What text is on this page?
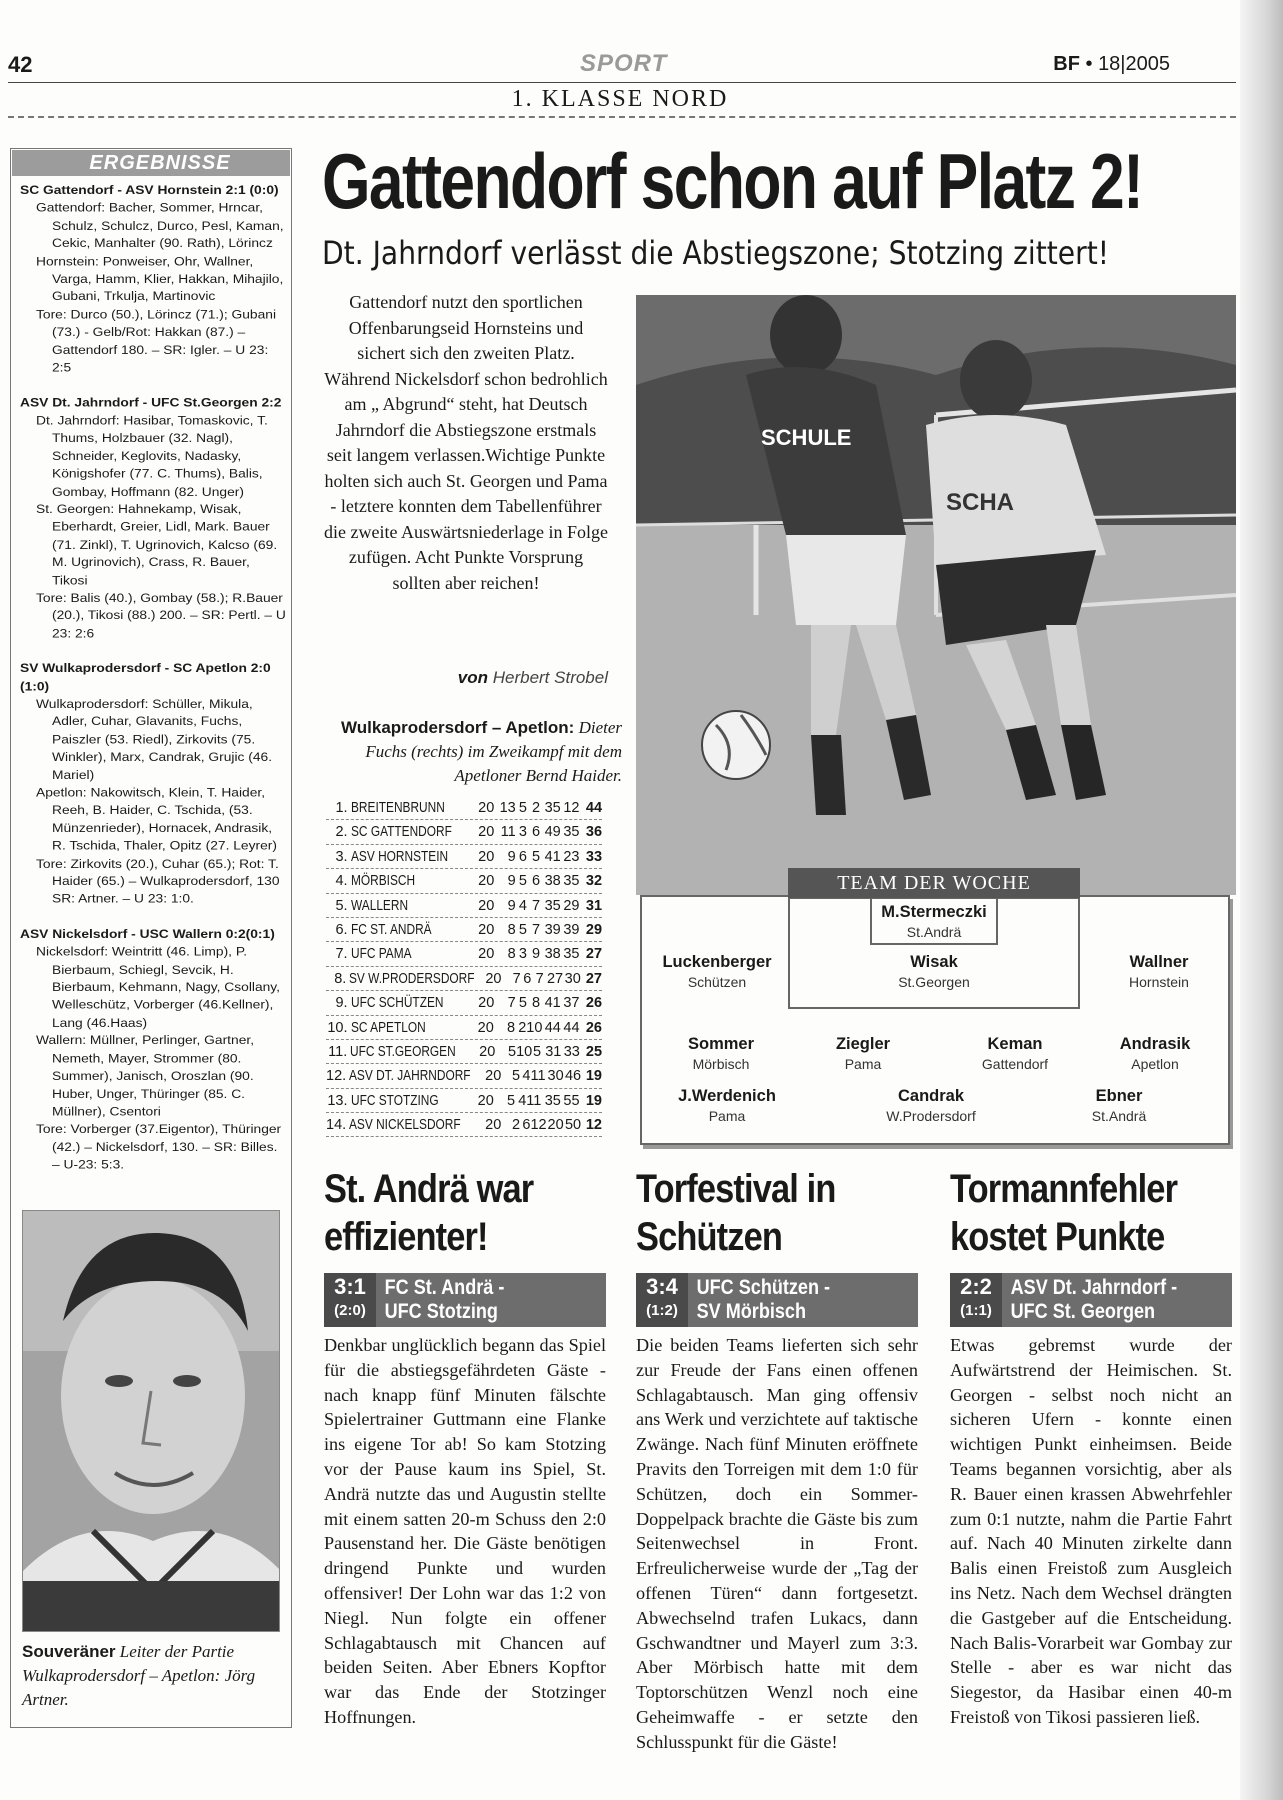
42	SPORT	BF • 18|2005
1. KLASSE NORD
ERGEBNISSE
SC Gattendorf - ASV Hornstein 2:1 (0:0)
Gattendorf: Bacher, Sommer, Hrncar, Schulz, Schulcz, Durco, Pesl, Kaman, Cekic, Manhalter (90. Rath), Lörincz
Hornstein: Ponweiser, Ohr, Wallner, Varga, Hamm, Klier, Hakkan, Mihajilo, Gubani, Trkulja, Martinovic
Tore: Durco (50.), Lörincz (71.); Gubani (73.) - Gelb/Rot: Hakkan (87.) – Gattendorf 180. – SR: Igler. – U 23: 2:5
ASV Dt. Jahrndorf - UFC St.Georgen 2:2
Dt. Jahrndorf: Hasibar, Tomaskovic, T. Thums, Holzbauer (32. Nagl), Schneider, Keglovits, Nadasky, Königshofer (77. C. Thums), Balis, Gombay, Hoffmann (82. Unger)
St. Georgen: Hahnekamp, Wisak, Eberhardt, Greier, Lidl, Mark. Bauer (71. Zinkl), T. Ugrinovich, Kalcso (69. M. Ugrinovich), Crass, R. Bauer, Tikosi
Tore: Balis (40.), Gombay (58.); R.Bauer (20.), Tikosi (88.) 200. – SR: Pertl. – U 23: 2:6
SV Wulkaprodersdorf - SC Apetlon 2:0 (1:0)
Wulkaprodersdorf: Schüller, Mikula, Adler, Cuhar, Glavanits, Fuchs, Paiszler (53. Riedl), Zirkovits (75. Winkler), Marx, Candrak, Grujic (46. Mariel)
Apetlon: Nakowitsch, Klein, T. Haider, Reeh, B. Haider, C. Tschida, (53. Münzenrieder), Hornacek, Andrasik, R. Tschida, Thaler, Opitz (27. Leyrer)
Tore: Zirkovits (20.), Cuhar (65.); Rot: T. Haider (65.) – Wulkaprodersdorf, 130 SR: Artner. – U 23: 1:0.
ASV Nickelsdorf - USC Wallern 0:2(0:1)
Nickelsdorf: Weintritt (46. Limp), P. Bierbaum, Schiegl, Sevcik, H. Bierbaum, Kehmann, Nagy, Csollany, Welleschütz, Vorberger (46.Kellner), Lang (46.Haas)
Wallern: Müllner, Perlinger, Gartner, Nemeth, Mayer, Strommer (80. Summer), Janisch, Oroszlan (90. Huber, Unger, Thüringer (85. C. Müllner), Csentori
Tore: Vorberger (37.Eigentor), Thüringer (42.) – Nickelsdorf, 130. – SR: Billes. – U-23: 5:3.
Souveräner Leiter der Partie Wulkaprodersdorf – Apetlon: Jörg Artner.
Gattendorf schon auf Platz 2!
Dt. Jahrndorf verlässt die Abstiegszone; Stotzing zittert!
Gattendorf nutzt den sportlichen Offenbarungseid Hornsteins und sichert sich den zweiten Platz. Während Nickelsdorf schon bedrohlich am „ Abgrund“ steht, hat Deutsch Jahrndorf die Abstiegszone erstmals seit langem verlassen.Wichtige Punkte holten sich auch St. Georgen und Pama - letztere konnten dem Tabellenführer die zweite Auswärtsniederlage in Folge zufügen. Acht Punkte Vorsprung sollten aber reichen!
von Herbert Strobel
Wulkaprodersdorf – Apetlon: Dieter Fuchs (rechts) im Zweikampf mit dem Apetloner Bernd Haider.
1. BREITENBRUNN	20 13 5 2 35 12 44
2. SC GATTENDORF 20 11 3 6 49 35 36
3. ASV HORNSTEIN	20 9 6 5 41 23 33
4. MÖRBISCH	20 9 5 6 38 35 32
5. WALLERN	20 9 4 7 35 29 31
6. FC ST. ANDRÄ	20 8 5 7 39 39 29
7. UFC PAMA	20 8 3 9 38 35 27
8. SV W.PRODERSDORF 20 7 6 7 27 30 27
9. UFC SCHÜTZEN	20 7 5 8 41 37 26
10. SC APETLON	20 8 2 10 44 44 26
11. UFC ST.GEORGEN 20 5 10 5 31 33 25
12. ASV DT. JAHRNDORF 20 5 4 11 30 46 19
13. UFC STOTZING	20 5 4 11 35 55 19
14. ASV NICKELSDORF 20 2 6 12 20 50 12
SCHULE
SCHA
TEAM DER WOCHE
M.Stermeczki
St.Andrä
Luckenberger
Schützen
Wisak
St.Georgen
Wallner
Hornstein
Sommer
Mörbisch
Ziegler
Pama
Keman
Gattendorf
Andrasik
Apetlon
J.Werdenich
Pama
Candrak
W.Prodersdorf
Ebner
St.Andrä
St. Andrä war
effizienter!
3:1
(2:0)
FC St. Andrä -
UFC Stotzing
Denkbar unglücklich begann das Spiel für die abstiegsgefährdeten Gäste - nach knapp fünf Minuten fälschte Spielertrainer Guttmann eine Flanke ins eigene Tor ab! So kam Stotzing vor der Pause kaum ins Spiel, St. Andrä nutzte das und Augustin stellte mit einem satten 20-m Schuss den 2:0 Pausenstand her. Die Gäste benötigen dringend Punkte und wurden offensiver! Der Lohn war das 1:2 von Niegl. Nun folgte ein offener Schlagabtausch mit Chancen auf beiden Seiten. Aber Ebners Kopftor war das Ende der Stotzinger Hoffnungen.
Torfestival in
Schützen
3:4
(1:2)
UFC Schützen -
SV Mörbisch
Die beiden Teams lieferten sich sehr zur Freude der Fans einen offenen Schlagabtausch. Man ging offensiv ans Werk und verzichtete auf taktische Zwänge. Nach fünf Minuten eröffnete Pravits den Torreigen mit dem 1:0 für Schützen, doch ein Sommer-Doppelpack brachte die Gäste bis zum Seitenwechsel in Front. Erfreulicherweise wurde der „Tag der offenen Türen“ dann fortgesetzt. Abwechselnd trafen Lukacs, dann Gschwandtner und Mayerl zum 3:3. Aber Mörbisch hatte mit dem Toptorschützen Wenzl noch eine Geheimwaffe - er setzte den Schlusspunkt für die Gäste!
Tormannfehler
kostet Punkte
2:2
(1:1)
ASV Dt. Jahrndorf -
UFC St. Georgen
Etwas gebremst wurde der Aufwärtstrend der Heimischen. St. Georgen - selbst noch nicht an sicheren Ufern - konnte einen wichtigen Punkt einheimsen. Beide Teams begannen vorsichtig, aber als R. Bauer einen krassen Abwehrfehler zum 0:1 nutzte, nahm die Partie Fahrt auf. Nach 40 Minuten zirkelte dann Balis einen Freistoß zum Ausgleich ins Netz. Nach dem Wechsel drängten die Gastgeber auf die Entscheidung. Nach Balis-Vorarbeit war Gombay zur Stelle - aber es war nicht das Siegestor, da Hasibar einen 40-m Freistoß von Tikosi passieren ließ.
